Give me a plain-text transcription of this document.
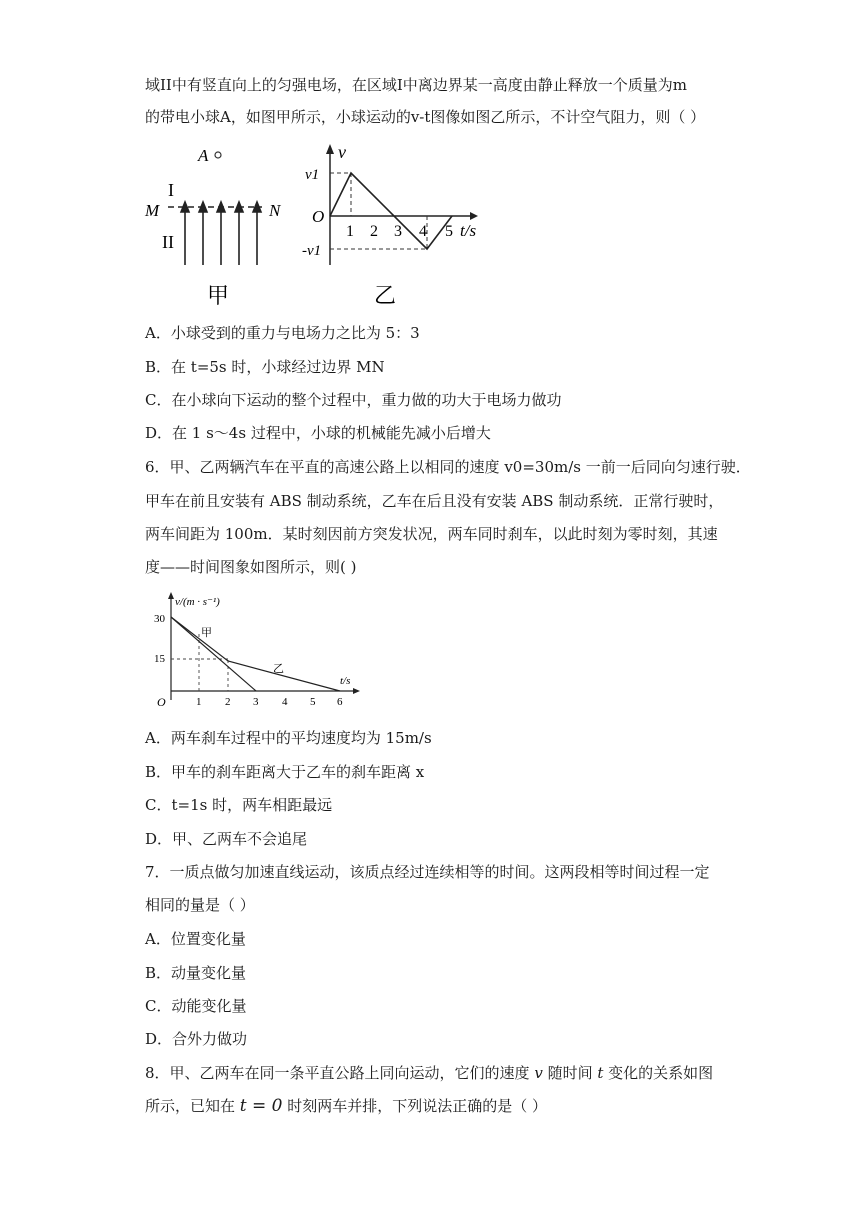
域II中有竖直向上的匀强电场，在区域I中离边界某一高度由静止释放一个质量为m
的带电小球A，如图甲所示，小球运动的v-t图像如图乙所示，不计空气阻力，则（ ）
A
I
M	N
II
甲
v
v1
-v1
O
1 2 3 4 5 t/s
乙
A．小球受到的重力与电场力之比为 5：3
B．在 t=5s 时，小球经过边界 MN
C．在小球向下运动的整个过程中，重力做的功大于电场力做功
D．在 1 s～4s 过程中，小球的机械能先减小后增大
6．甲、乙两辆汽车在平直的高速公路上以相同的速度 v0=30m/s 一前一后同向匀速行驶．
甲车在前且安装有 ABS 制动系统，乙车在后且没有安装 ABS 制动系统．正常行驶时，
两车间距为 100m．某时刻因前方突发状况，两车同时刹车，以此时刻为零时刻，其速
度——时间图象如图所示，则( )
v/(m · s⁻¹)
30
15
O
甲
乙
t/s
1 2 3 4 5 6
A．两车刹车过程中的平均速度均为 15m/s
B．甲车的刹车距离大于乙车的刹车距离 x
C．t=1s 时，两车相距最远
D．甲、乙两车不会追尾
7．一质点做匀加速直线运动，该质点经过连续相等的时间。这两段相等时间过程一定
相同的量是（ ）
A．位置变化量
B．动量变化量
C．动能变化量
D．合外力做功
8．甲、乙两车在同一条平直公路上同向运动，它们的速度 v 随时间 t 变化的关系如图
所示，已知在 t = 0 时刻两车并排，下列说法正确的是（ ）
